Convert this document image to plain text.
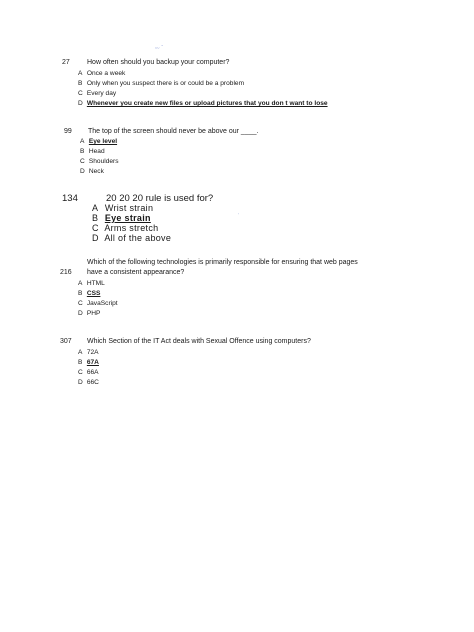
ᵕᵕ ˉ
27 How often should you backup your computer?
A Once a week
B Only when you suspect there is or could be a problem
C Every day
D Whenever you create new files or upload pictures that you don t want to lose
99 The top of the screen should never be above our ____.
A Eye level
B Head
C Shoulders
D Neck
134	20 20 20 rule is used for?
A Wrist strain
B Eye strain
C Arms stretch
D All of the above
˙
Which of the following technologies is primarily responsible for ensuring that web pages
216 have a consistent appearance?
A HTML
B CSS
C JavaScript
D PHP
307 Which Section of the IT Act deals with Sexual Offence using computers?
A 72A
B 67A
C 66A
D 66C
